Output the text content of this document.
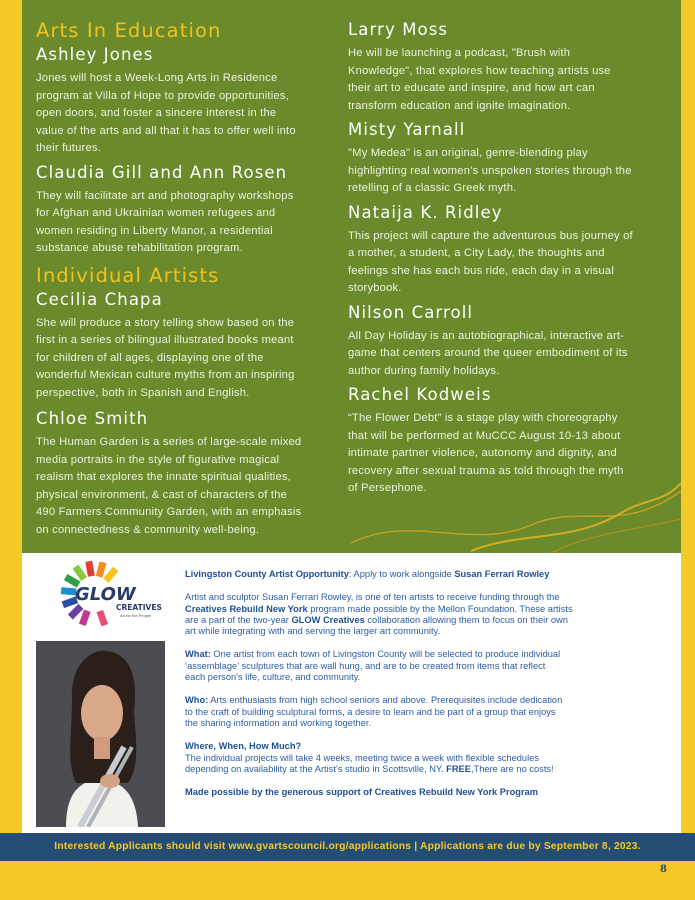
Arts In Education
Ashley Jones
Jones will host a Week-Long Arts in Residence
program at Villa of Hope to provide opportunities,
open doors, and foster a sincere interest in the
value of the arts and all that it has to offer well into
their futures.
Claudia Gill and Ann Rosen
They will facilitate art and photography workshops
for Afghan and Ukrainian women refugees and
women residing in Liberty Manor, a residential
substance abuse rehabilitation program.
Individual Artists
Cecilia Chapa
She will produce a story telling show based on the
first in a series of bilingual illustrated books meant
for children of all ages, displaying one of the
wonderful Mexican culture myths from an inspiring
perspective, both in Spanish and English.
Chloe Smith
The Human Garden is a series of large-scale mixed
media portraits in the style of figurative magical
realism that explores the innate spiritual qualities,
physical environment, & cast of characters of the
490 Farmers Community Garden, with an emphasis
on connectedness & community well-being.
Larry Moss
He will be launching a podcast, "Brush with
Knowledge", that explores how teaching artists use
their art to educate and inspire, and how art can
transform education and ignite imagination.
Misty Yarnall
"My Medea" is an original, genre-blending play
highlighting real women’s unspoken stories through the
retelling of a classic Greek myth.
Nataija K. Ridley
This project will capture the adventurous bus journey of
a mother, a student, a City Lady, the thoughts and
feelings she has each bus ride, each day in a visual
storybook.
Nilson Carroll
All Day Holiday is an autobiographical, interactive art-
game that centers around the queer embodiment of its
author during family holidays.
Rachel Kodweis
“The Flower Debt” is a stage play with choreography
that will be performed at MuCCC August 10-13 about
intimate partner violence, autonomy and dignity, and
recovery after sexual trauma as told through the myth
of Persephone.
GLOW
CREATIVES
Art for the People

Livingston County Artist Opportunity: Apply to work alongside Susan Ferrari Rowley

Artist and sculptor Susan Ferrari Rowley, is one of ten artists to receive funding through the
Creatives Rebuild New York program made possible by the Mellon Foundation. These artists
are a part of the two-year GLOW Creatives collaboration allowing them to focus on their own
art while integrating with and serving the larger art community.

What: One artist from each town of Livingston County will be selected to produce individual
‘assemblage’ sculptures that are wall hung, and are to be created from items that reflect
each person's life, culture, and community.

Who: Arts enthusiasts from high school seniors and above. Prerequisites include dedication
to the craft of building sculptural forms, a desire to learn and be part of a group that enjoys
the sharing information and working together.

Where, When, How Much?
The individual projects will take 4 weeks, meeting twice a week with flexible schedules
depending on availability at the Artist’s studio in Scottsville, NY. FREE,There are no costs!

Made possible by the generous support of Creatives Rebuild New York Program

Interested Applicants should visit www.gvartscouncil.org/applications | Applications are due by September 8, 2023.
8
